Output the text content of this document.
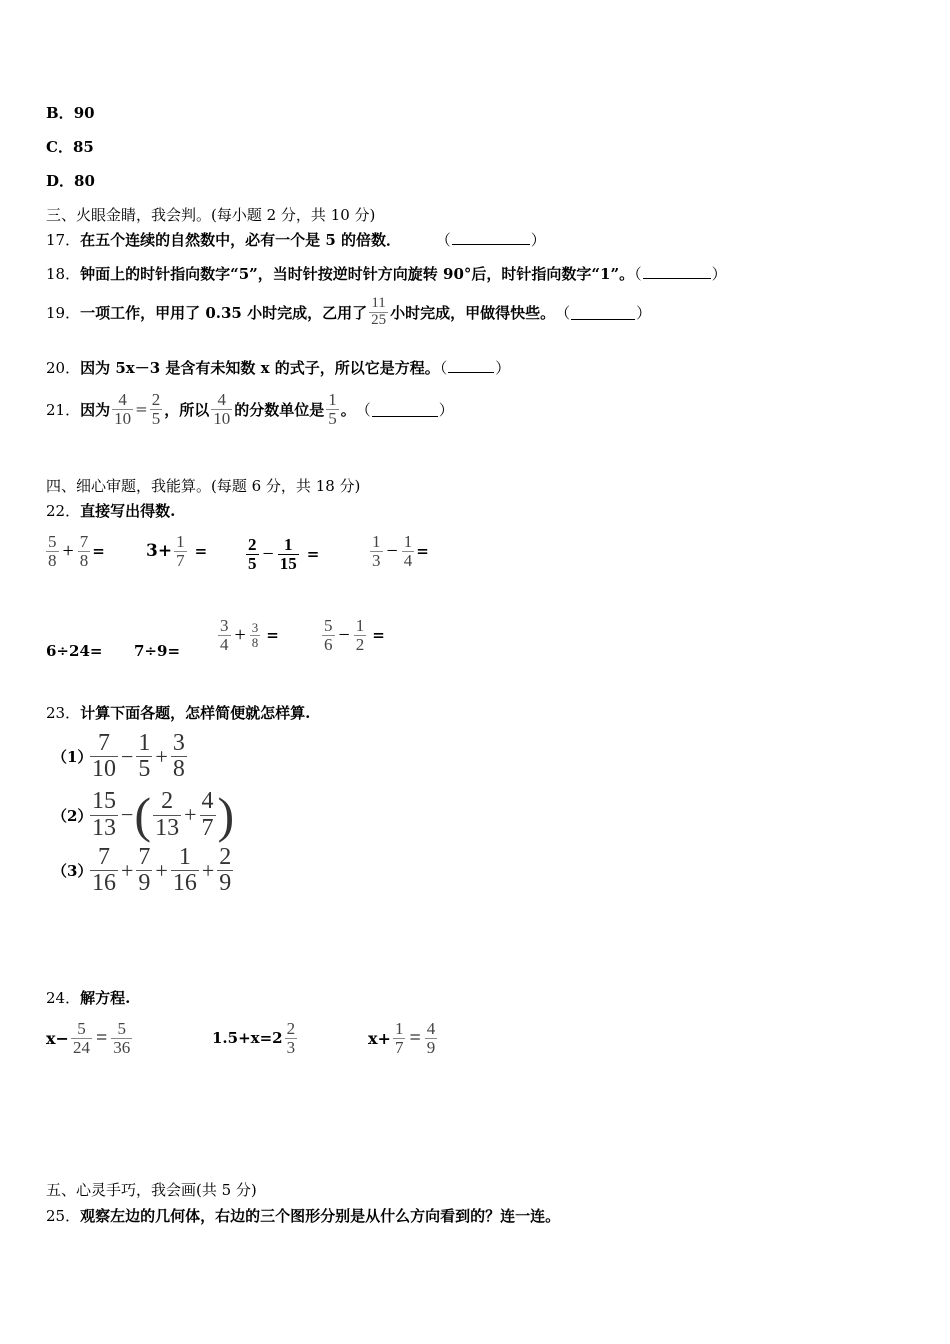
B．90
C．85
D．80
三、火眼金睛，我会判。(每小题 2 分，共 10 分)
17．在五个连续的自然数中，必有一个是 5 的倍数． （	）
18．钟面上的时针指向数字“5”，当时针按逆时针方向旋转 90°后，时针指向数字“1”。（	）
19． 一项工作，甲用了 0.35 小时完成，乙用了 $\frac{11}{25}$ 小时完成，甲做得快些。 （	）
20．因为 5x－3 是含有未知数 x 的式子，所以它是方程。（	）
21． 因为 $\frac{4}{10} = \frac{2}{5}$ ，所以 $\frac{4}{10}$ 的分数单位是 $\frac{1}{5}$ 。 （	）
四、细心审题，我能算。(每题 6 分，共 18 分)
22．直接写出得数.
$\frac{5}{8} + \frac{7}{8} = 3+ \frac{1}{7} = \frac{2}{5} - \frac{1}{15}$ =	$\frac{1}{3} - \frac{1}{4}$ =
$6\div 24= 7\div 9= \frac{3}{4} + \frac{3}{8}$ =	$\frac{5}{6} - \frac{1}{2}$ =
23．计算下面各题，怎样简便就怎样算.
（1）
$\frac{7}{10} - \frac{1}{5} + \frac{3}{8}$
（2）
$\frac{15}{13}$ − ( $\frac{2}{13} + \frac{4}{7}$ )
（3）
$\frac{7}{16} + \frac{7}{9} + \frac{1}{16} + \frac{2}{9}$
24．解方程.
$x- \frac{5}{24} = \frac{5}{36}$	$1.5+x=2 \frac{2}{3}$	$x+ \frac{1}{7} = \frac{4}{9}$
五、心灵手巧，我会画(共 5 分)
25．观察左边的几何体，右边的三个图形分别是从什么方向看到的？连一连。
